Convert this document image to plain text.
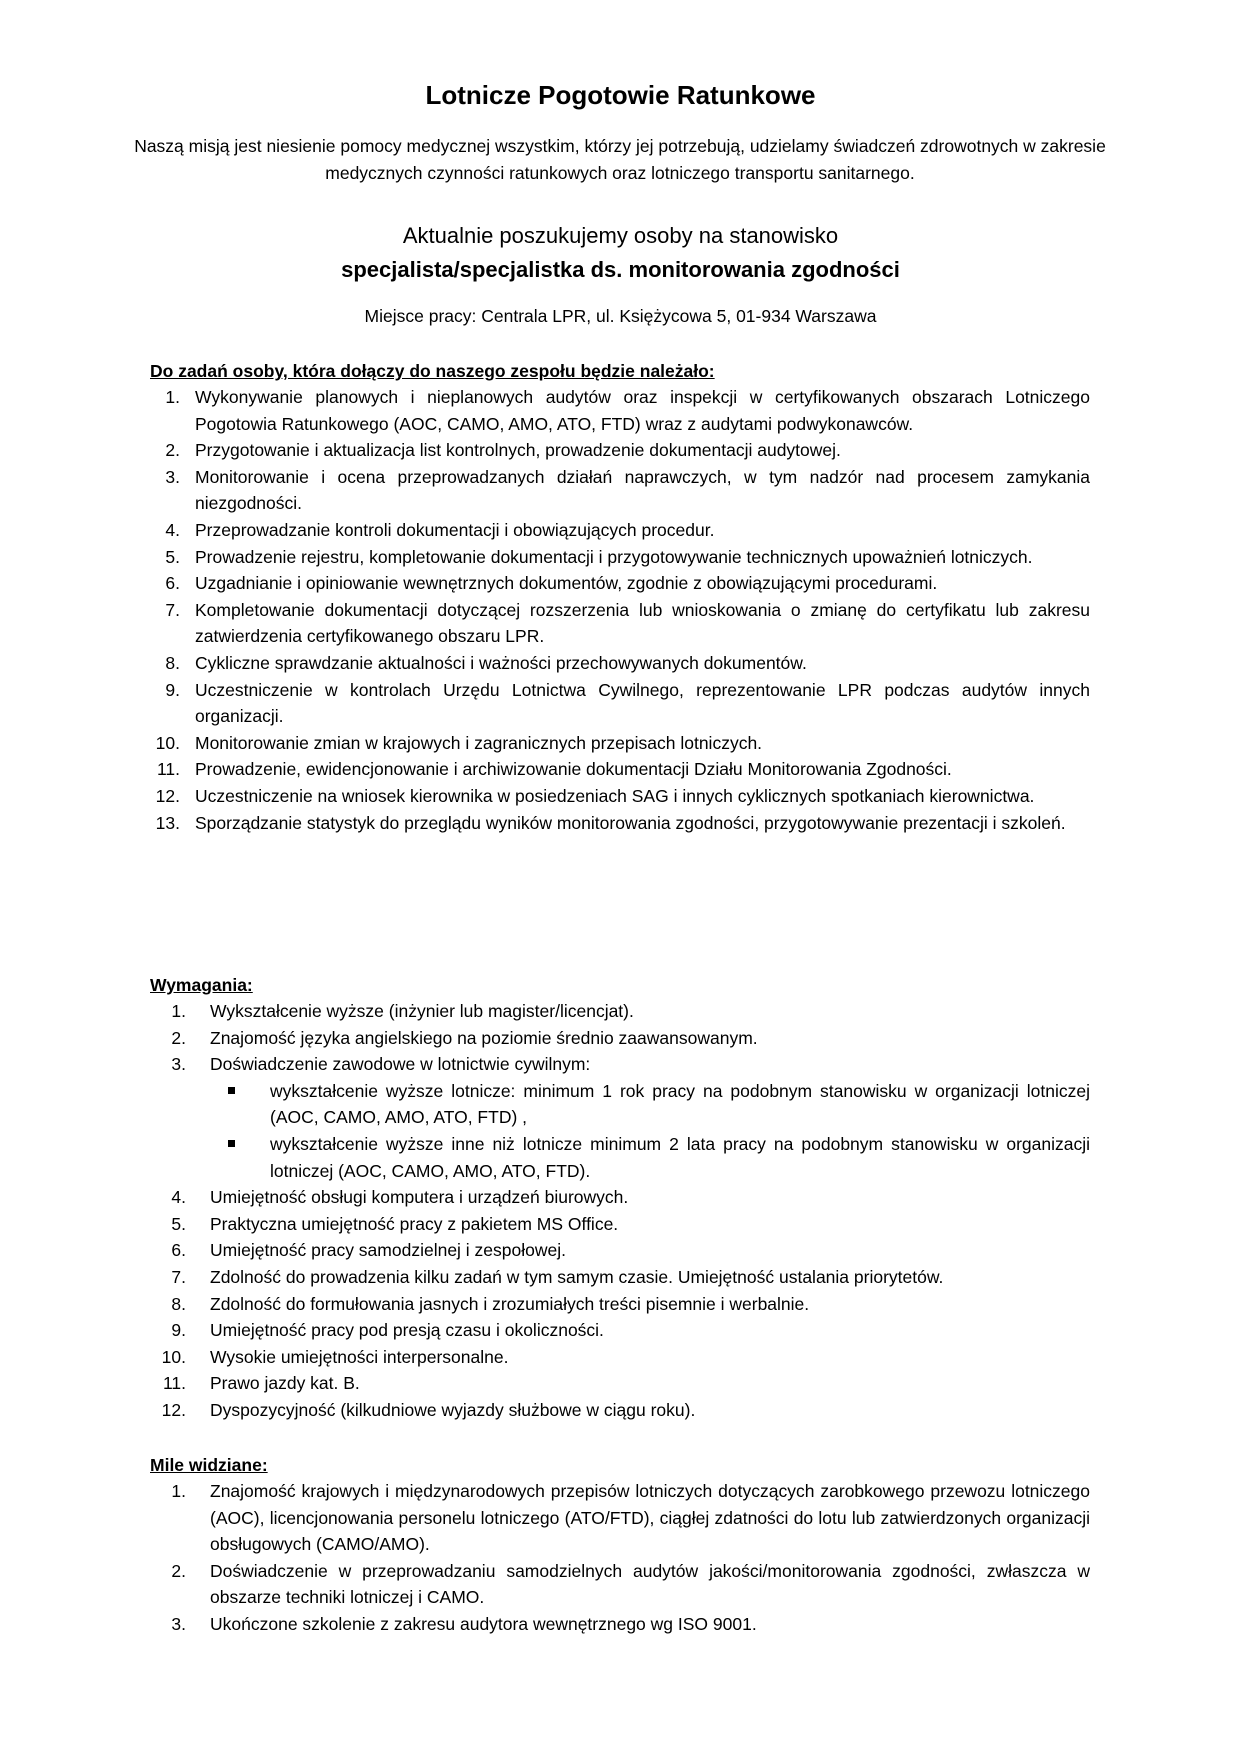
Lotnicze Pogotowie Ratunkowe
Naszą misją jest niesienie pomocy medycznej wszystkim, którzy jej potrzebują, udzielamy świadczeń zdrowotnych w zakresie medycznych czynności ratunkowych oraz lotniczego transportu sanitarnego.
Aktualnie poszukujemy osoby na stanowisko
specjalista/specjalistka ds. monitorowania zgodności
Miejsce pracy: Centrala LPR, ul. Księżycowa 5, 01-934 Warszawa
Do zadań osoby, która dołączy do naszego zespołu będzie należało:
1. Wykonywanie planowych i nieplanowych audytów oraz inspekcji w certyfikowanych obszarach Lotniczego Pogotowia Ratunkowego (AOC, CAMO, AMO, ATO, FTD) wraz z audytami podwykonawców.
2. Przygotowanie i aktualizacja list kontrolnych, prowadzenie dokumentacji audytowej.
3. Monitorowanie i ocena przeprowadzanych działań naprawczych, w tym nadzór nad procesem zamykania niezgodności.
4. Przeprowadzanie kontroli dokumentacji i obowiązujących procedur.
5. Prowadzenie rejestru, kompletowanie dokumentacji i przygotowywanie technicznych upoważnień lotniczych.
6. Uzgadnianie i opiniowanie wewnętrznych dokumentów, zgodnie z obowiązującymi procedurami.
7. Kompletowanie dokumentacji dotyczącej rozszerzenia lub wnioskowania o zmianę do certyfikatu lub zakresu zatwierdzenia certyfikowanego obszaru LPR.
8. Cykliczne sprawdzanie aktualności i ważności przechowywanych dokumentów.
9. Uczestniczenie w kontrolach Urzędu Lotnictwa Cywilnego, reprezentowanie LPR podczas audytów innych organizacji.
10. Monitorowanie zmian w krajowych i zagranicznych przepisach lotniczych.
11. Prowadzenie, ewidencjonowanie i archiwizowanie dokumentacji Działu Monitorowania Zgodności.
12. Uczestniczenie na wniosek kierownika w posiedzeniach SAG i innych cyklicznych spotkaniach kierownictwa.
13. Sporządzanie statystyk do przeglądu wyników monitorowania zgodności, przygotowywanie prezentacji i szkoleń.
Wymagania:
1. Wykształcenie wyższe (inżynier lub magister/licencjat).
2. Znajomość języka angielskiego na poziomie średnio zaawansowanym.
3. Doświadczenie zawodowe w lotnictwie cywilnym:
wykształcenie wyższe lotnicze: minimum 1 rok pracy na podobnym stanowisku w organizacji lotniczej (AOC, CAMO, AMO, ATO, FTD) ,
wykształcenie wyższe inne niż lotnicze minimum 2 lata pracy na podobnym stanowisku w organizacji lotniczej (AOC, CAMO, AMO, ATO, FTD).
4. Umiejętność obsługi komputera i urządzeń biurowych.
5. Praktyczna umiejętność pracy z pakietem MS Office.
6. Umiejętność pracy samodzielnej i zespołowej.
7. Zdolność do prowadzenia kilku zadań w tym samym czasie. Umiejętność ustalania priorytetów.
8. Zdolność do formułowania jasnych i zrozumiałych treści pisemnie i werbalnie.
9. Umiejętność pracy pod presją czasu i okoliczności.
10. Wysokie umiejętności interpersonalne.
11. Prawo jazdy kat. B.
12. Dyspozycyjność (kilkudniowe wyjazdy służbowe w ciągu roku).
Mile widziane:
1. Znajomość krajowych i międzynarodowych przepisów lotniczych dotyczących zarobkowego przewozu lotniczego (AOC), licencjonowania personelu lotniczego (ATO/FTD), ciągłej zdatności do lotu lub zatwierdzonych organizacji obsługowych (CAMO/AMO).
2. Doświadczenie w przeprowadzaniu samodzielnych audytów jakości/monitorowania zgodności, zwłaszcza w obszarze techniki lotniczej i CAMO.
3. Ukończone szkolenie z zakresu audytora wewnętrznego wg ISO 9001.
